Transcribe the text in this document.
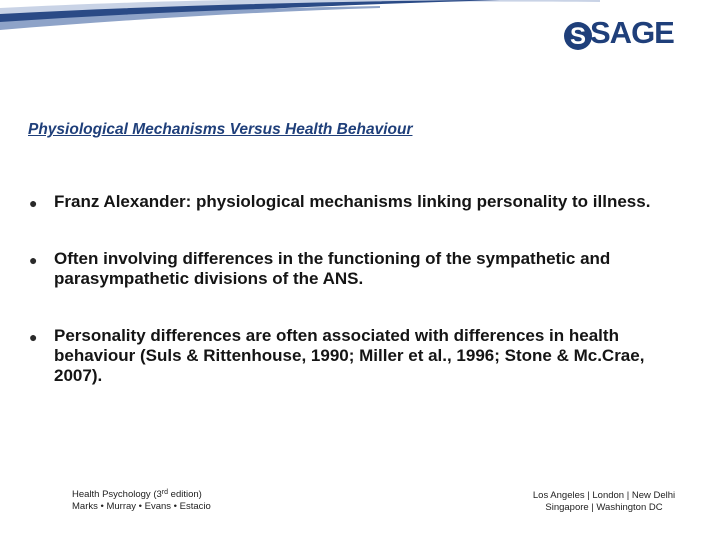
S SAGE
Physiological Mechanisms Versus Health Behaviour
● Franz Alexander: physiological mechanisms linking personality to illness.
● Often involving differences in the functioning of the sympathetic and parasympathetic divisions of the ANS.
● Personality differences are often associated with differences in health behaviour (Suls & Rittenhouse, 1990; Miller et al., 1996; Stone & Mc.Crae, 2007).
Health Psychology (3rd edition)
Marks • Murray • Evans • Estacio
Los Angeles | London | New Delhi
Singapore | Washington DC
